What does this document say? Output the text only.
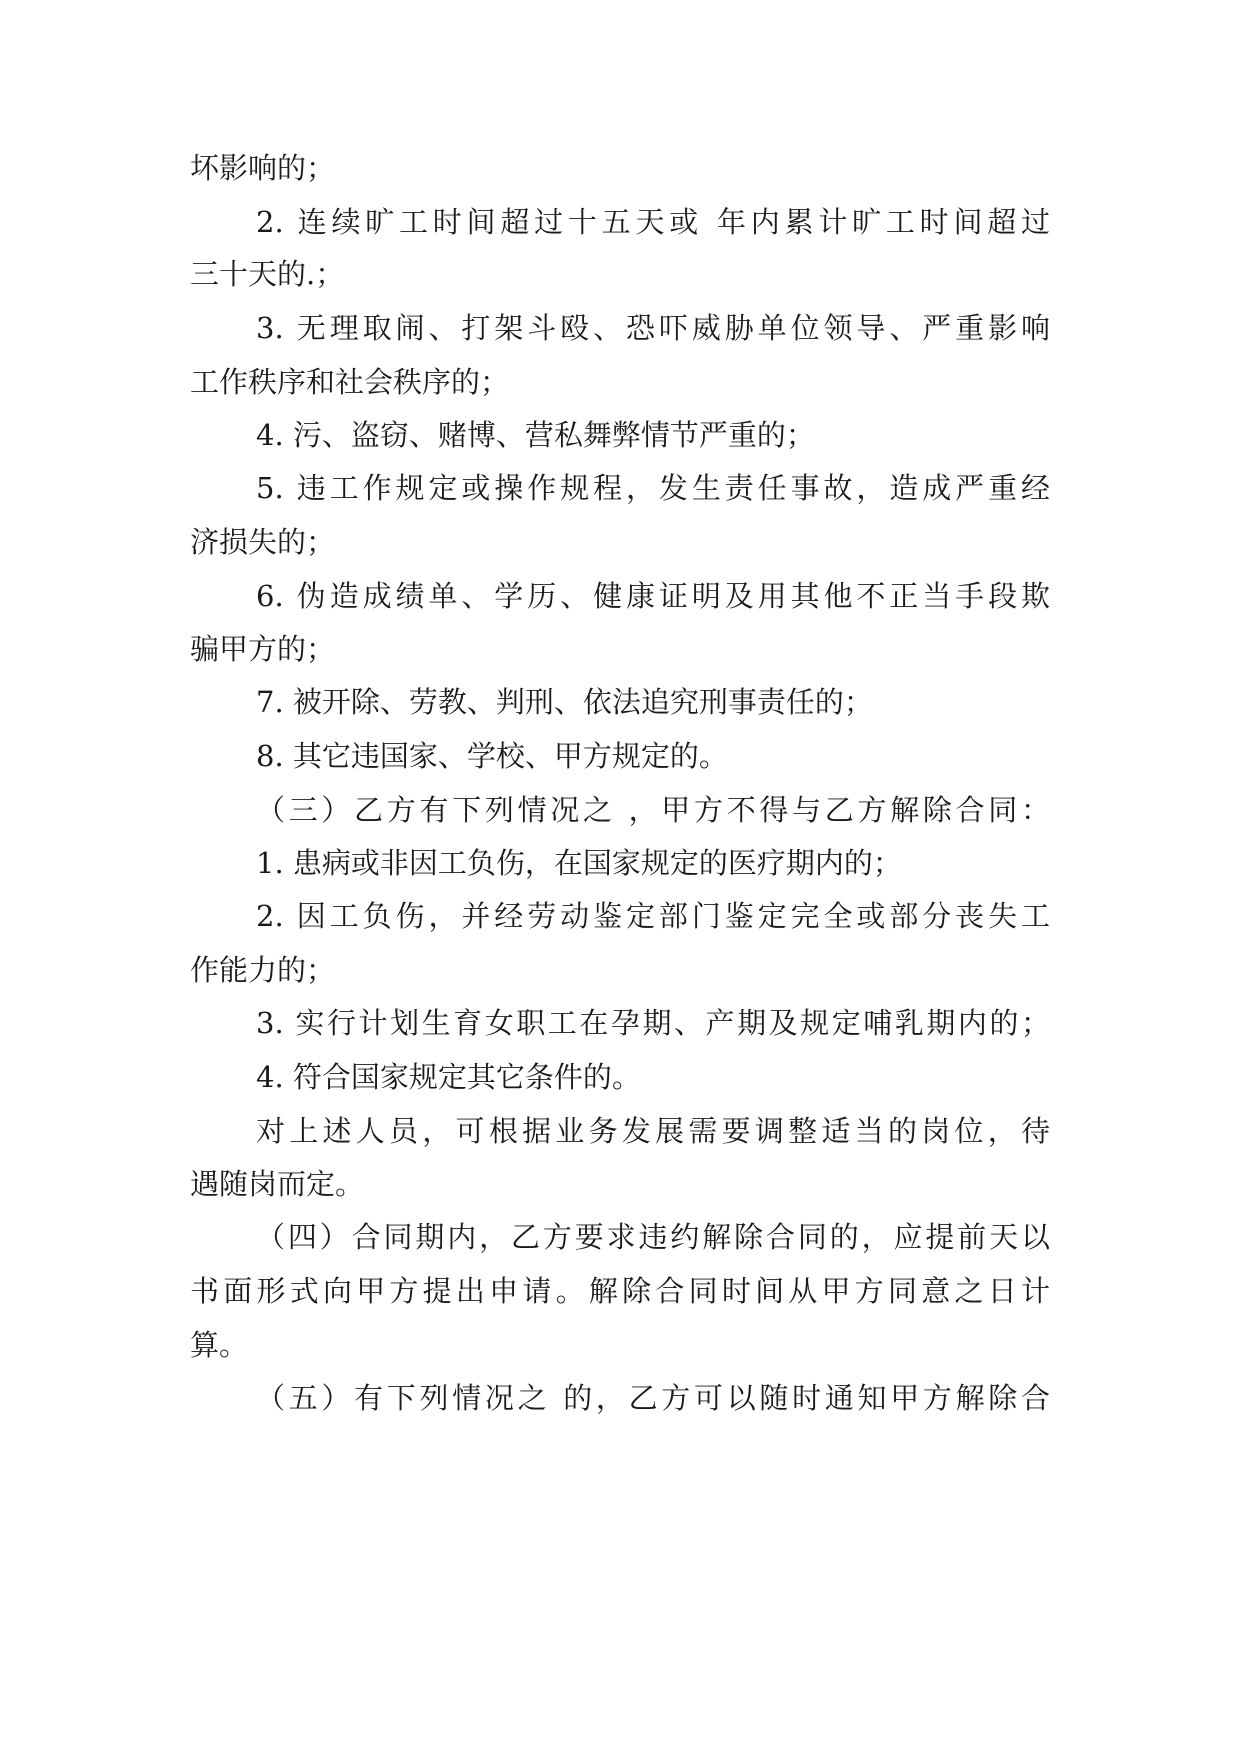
坏影响的；
2. 连续旷工时间超过十五天或 年内累计旷工时间超过
三十天的.；
3. 无理取闹、打架斗殴、恐吓威胁单位领导、严重影响
工作秩序和社会秩序的；
4. 污、盗窃、赌博、营私舞弊情节严重的；
5. 违工作规定或操作规程，发生责任事故，造成严重经
济损失的；
6. 伪造成绩单、学历、健康证明及用其他不正当手段欺
骗甲方的；
7. 被开除、劳教、判刑、依法追究刑事责任的；
8. 其它违国家、学校、甲方规定的。
（三）乙方有下列情况之 ，甲方不得与乙方解除合同：
1. 患病或非因工负伤，在国家规定的医疗期内的；
2. 因工负伤，并经劳动鉴定部门鉴定完全或部分丧失工
作能力的；
3. 实行计划生育女职工在孕期、产期及规定哺乳期内的；
4. 符合国家规定其它条件的。
对上述人员，可根据业务发展需要调整适当的岗位，待
遇随岗而定。
（四）合同期内，乙方要求违约解除合同的，应提前天以
书面形式向甲方提出申请。解除合同时间从甲方同意之日计
算。
（五）有下列情况之 的，乙方可以随时通知甲方解除合
